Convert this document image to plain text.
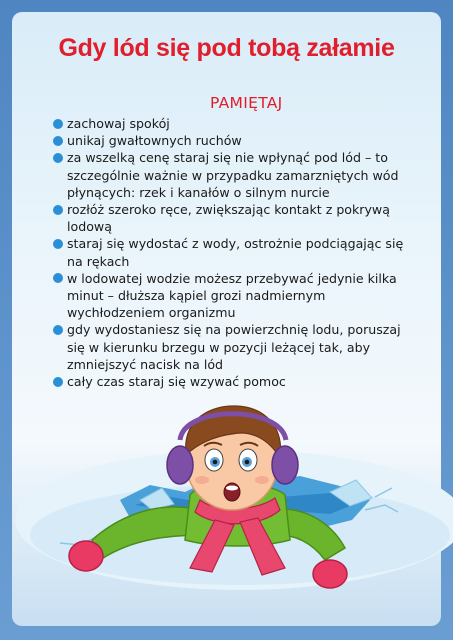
Gdy lód się pod tobą załamie
PAMIĘTAJ
zachowaj spokój
unikaj gwałtownych ruchów
za wszelką cenę staraj się nie wpłynąć pod lód – to szczególnie ważnie w przypadku zamarzniętych wód płynących: rzek i kanałów o silnym nurcie
rozłóż szeroko ręce, zwiększając kontakt z pokrywą lodową
staraj się wydostać z wody, ostrożnie podciągając się na rękach
w lodowatej wodzie możesz przebywać jedynie kilka minut – dłuższa kąpiel grozi nadmiernym wychłodzeniem organizmu
gdy wydostaniesz się na powierzchnię lodu, poruszaj się w kierunku brzegu w pozycji leżącej tak, aby zmniejszyć nacisk na lód
cały czas staraj się wzywać pomoc
